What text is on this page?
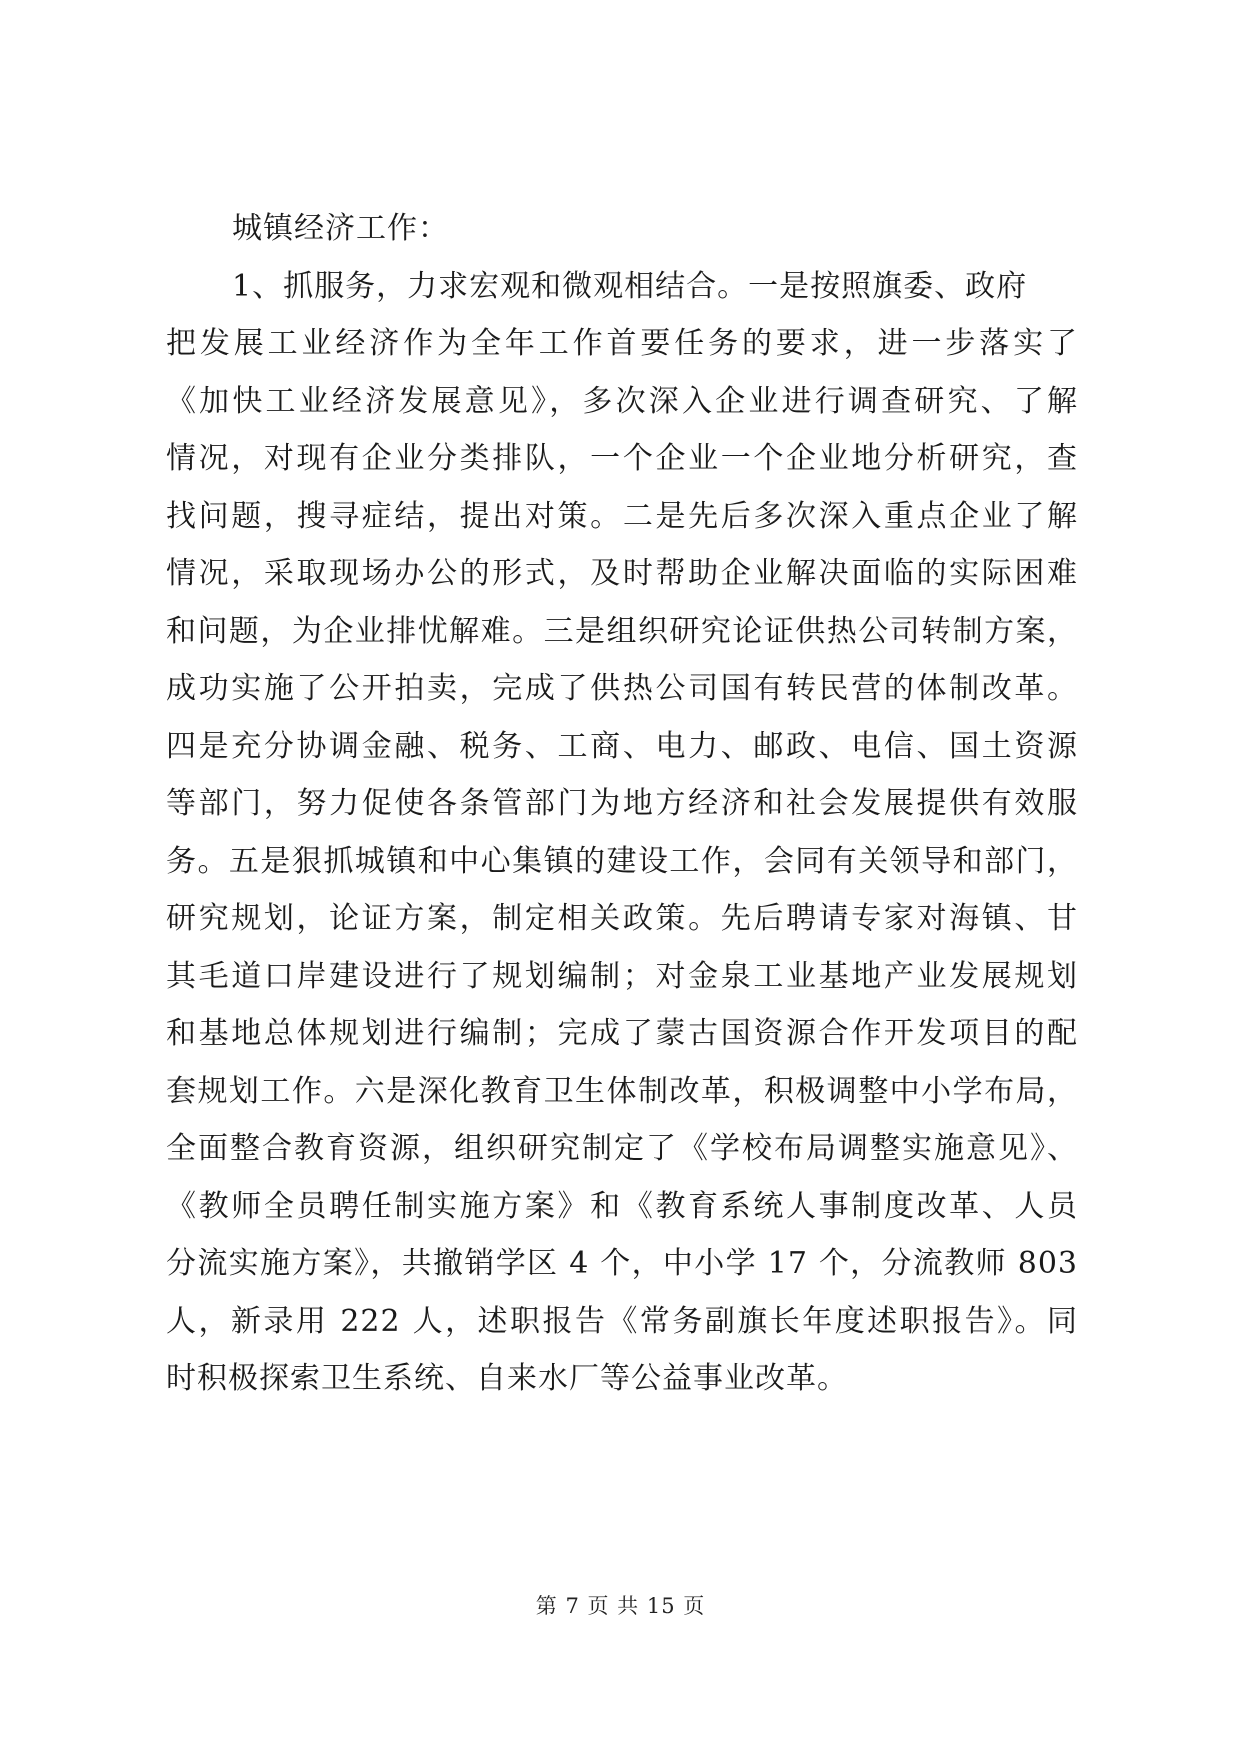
城镇经济工作：
1、抓服务，力求宏观和微观相结合。一是按照旗委、政府
把发展工业经济作为全年工作首要任务的要求，进一步落实了
《加快工业经济发展意见》，多次深入企业进行调查研究、了解
情况，对现有企业分类排队，一个企业一个企业地分析研究，查
找问题，搜寻症结，提出对策。二是先后多次深入重点企业了解
情况，采取现场办公的形式，及时帮助企业解决面临的实际困难
和问题，为企业排忧解难。三是组织研究论证供热公司转制方案，
成功实施了公开拍卖，完成了供热公司国有转民营的体制改革。
四是充分协调金融、税务、工商、电力、邮政、电信、国土资源
等部门，努力促使各条管部门为地方经济和社会发展提供有效服
务。五是狠抓城镇和中心集镇的建设工作，会同有关领导和部门，
研究规划，论证方案，制定相关政策。先后聘请专家对海镇、甘
其毛道口岸建设进行了规划编制；对金泉工业基地产业发展规划
和基地总体规划进行编制；完成了蒙古国资源合作开发项目的配
套规划工作。六是深化教育卫生体制改革，积极调整中小学布局，
全面整合教育资源，组织研究制定了《学校布局调整实施意见》、
《教师全员聘任制实施方案》和《教育系统人事制度改革、人员
分流实施方案》，共撤销学区 4 个，中小学 17 个，分流教师 803
人，新录用 222 人，述职报告《常务副旗长年度述职报告》。同
时积极探索卫生系统、自来水厂等公益事业改革。
第 7 页 共 15 页
